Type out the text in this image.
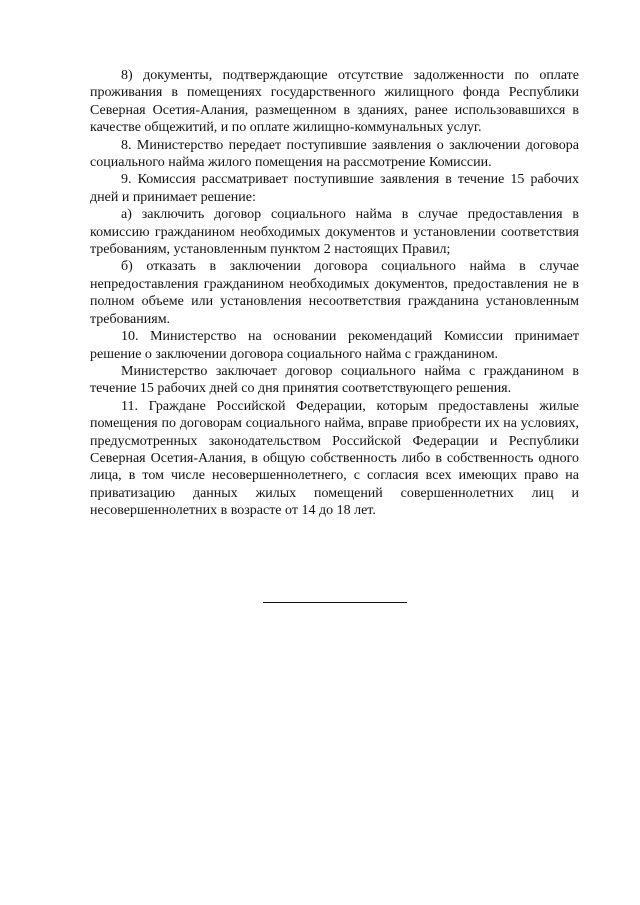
8) документы, подтверждающие отсутствие задолженности по оплате проживания в помещениях государственного жилищного фонда Республики Северная Осетия-Алания, размещенном в зданиях, ранее использовавшихся в качестве общежитий, и по оплате жилищно-коммунальных услуг.

8. Министерство передает поступившие заявления о заключении договора социального найма жилого помещения на рассмотрение Комиссии.

9. Комиссия рассматривает поступившие заявления в течение 15 рабочих дней и принимает решение:

а) заключить договор социального найма в случае предоставления в комиссию гражданином необходимых документов и установлении соответствия требованиям, установленным пунктом 2 настоящих Правил;

б) отказать в заключении договора социального найма в случае непредоставления гражданином необходимых документов, предоставления не в полном объеме или установления несоответствия гражданина установленным требованиям.

10. Министерство на основании рекомендаций Комиссии принимает решение о заключении договора социального найма с гражданином.

Министерство заключает договор социального найма с гражданином в течение 15 рабочих дней со дня принятия соответствующего решения.

11. Граждане Российской Федерации, которым предоставлены жилые помещения по договорам социального найма, вправе приобрести их на условиях, предусмотренных законодательством Российской Федерации и Республики Северная Осетия-Алания, в общую собственность либо в собственность одного лица, в том числе несовершеннолетнего, с согласия всех имеющих право на приватизацию данных жилых помещений совершеннолетних лиц и несовершеннолетних в возрасте от 14 до 18 лет.
